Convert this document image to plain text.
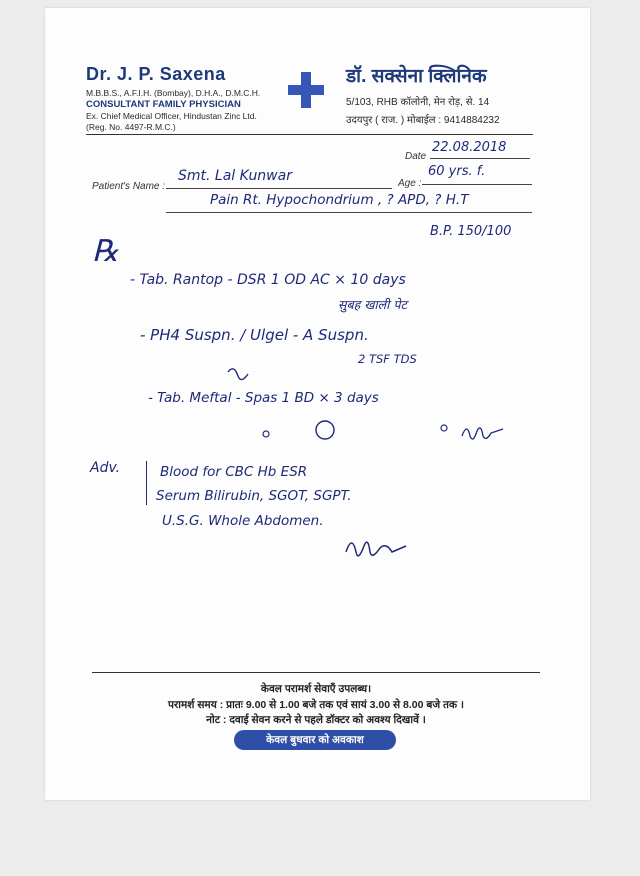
Dr. J. P. Saxena
M.B.B.S., A.F.I.H. (Bombay), D.H.A., D.M.C.H.
CONSULTANT FAMILY PHYSICIAN
Ex. Chief Medical Officer, Hindustan Zinc Ltd.
(Reg. No. 4497-R.M.C.)
डॉ. सक्सेना क्लिनिक
5/103, RHB कॉलोनी, मेन रोड़, से. 14
उदयपुर ( राज. ) मोबाईल : 9414884232
Date
22.08.2018
Patient's Name :
Smt. Lal Kunwar	Age :
60 yrs. f.
Pain Rt. Hypochondrium , ? APD, ? H.T
B.P. 150/100
℞
- Tab. Rantop - DSR 1 OD AC × 10 days
सुबह खाली पेट
- PH4 Suspn. / Ulgel - A Suspn.
2 TSF TDS
- Tab. Meftal - Spas 1 BD × 3 days
Adv.	Blood for CBC Hb ESR
Serum Bilirubin, SGOT, SGPT.
U.S.G. Whole Abdomen.
केवल परामर्श सेवाएँ उपलब्ध।
परामर्श समय : प्रातः 9.00 से 1.00 बजे तक एवं सायं 3.00 से 8.00 बजे तक ।
नोट : दवाई सेवन करने से पहले डॉक्टर को अवश्य दिखावें ।
केवल बुधवार को अवकाश
